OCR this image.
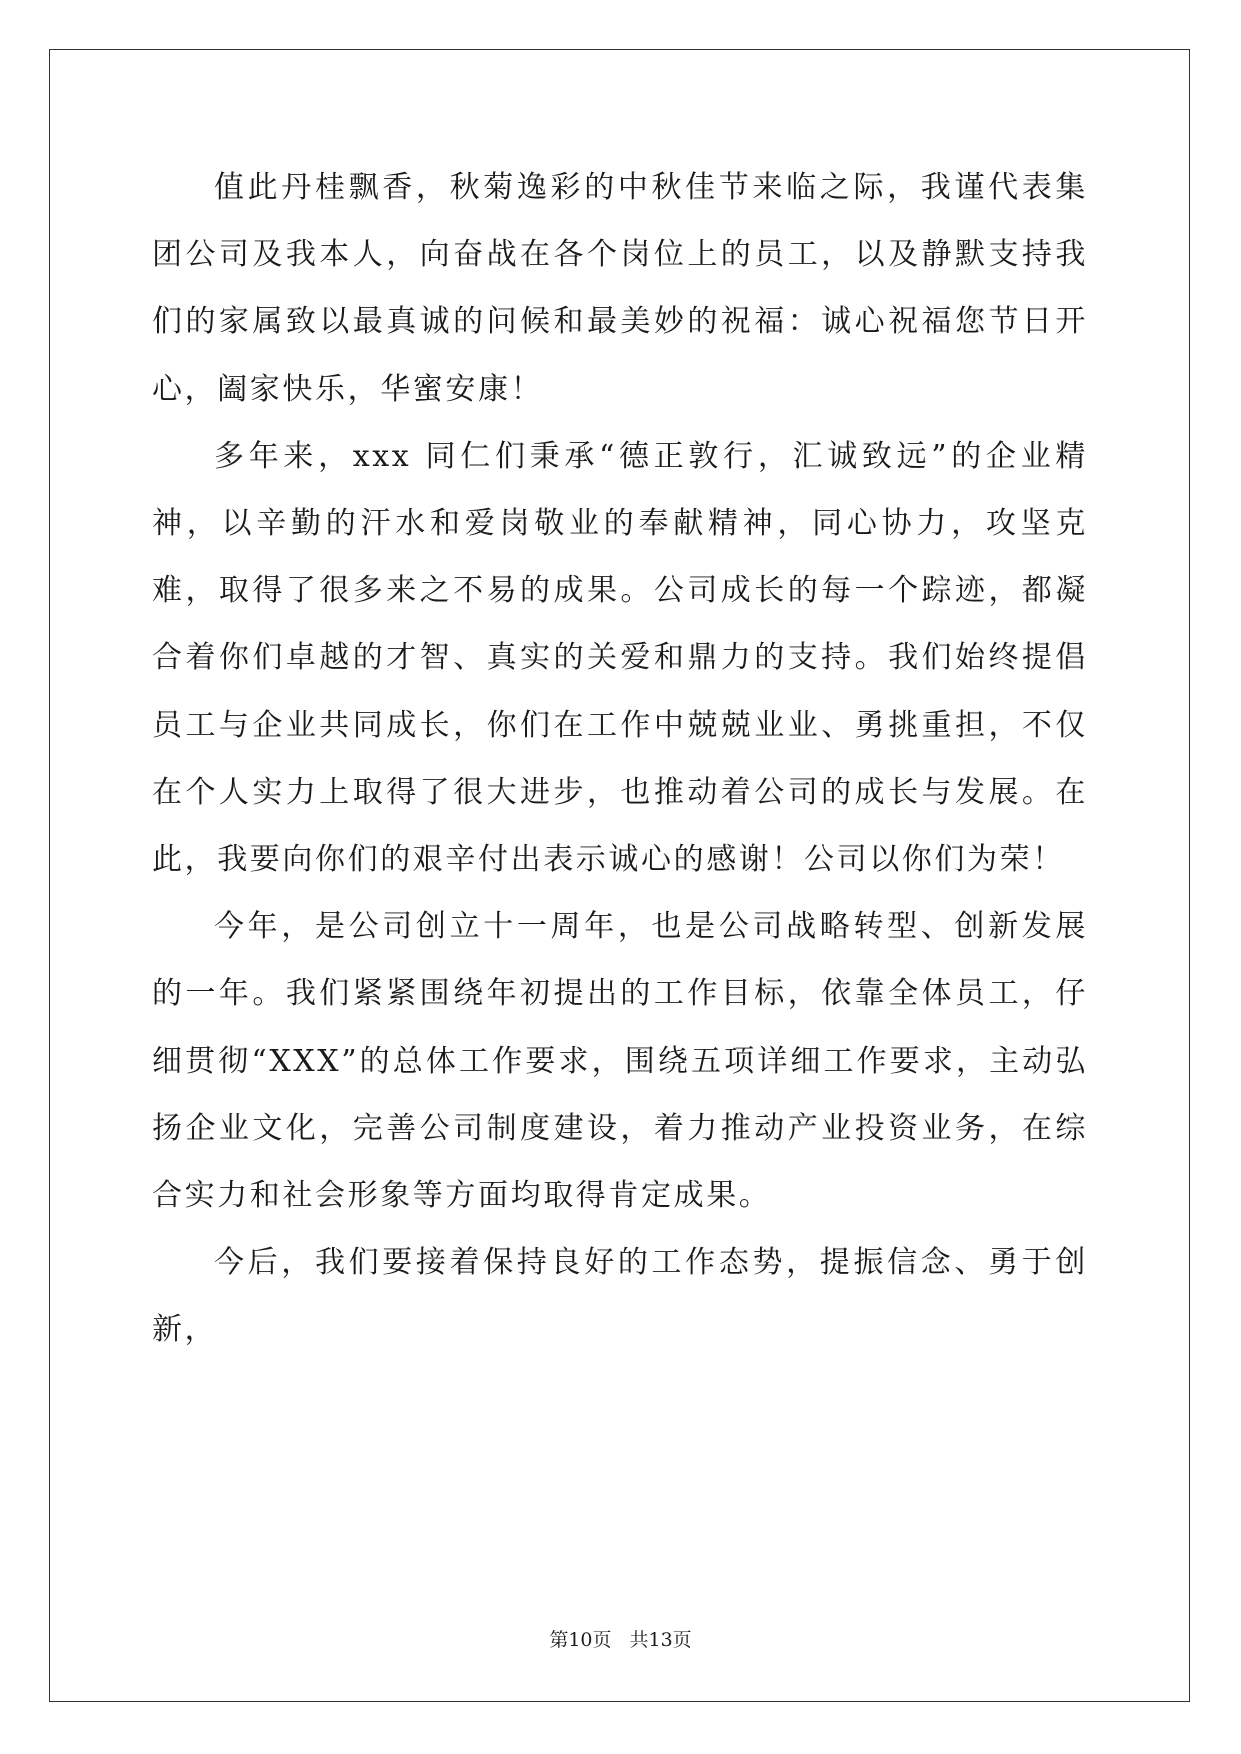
值此丹桂飘香，秋菊逸彩的中秋佳节来临之际，我谨代表集团公司及我本人，向奋战在各个岗位上的员工，以及静默支持我们的家属致以最真诚的问候和最美妙的祝福：诚心祝福您节日开心，阖家快乐，华蜜安康！

多年来，xxx 同仁们秉承“德正敦行，汇诚致远”的企业精神，以辛勤的汗水和爱岗敬业的奉献精神，同心协力，攻坚克难，取得了很多来之不易的成果。公司成长的每一个踪迹，都凝合着你们卓越的才智、真实的关爱和鼎力的支持。我们始终提倡员工与企业共同成长，你们在工作中兢兢业业、勇挑重担，不仅在个人实力上取得了很大进步，也推动着公司的成长与发展。在此，我要向你们的艰辛付出表示诚心的感谢！公司以你们为荣！

今年，是公司创立十一周年，也是公司战略转型、创新发展的一年。我们紧紧围绕年初提出的工作目标，依靠全体员工，仔细贯彻“XXX”的总体工作要求，围绕五项详细工作要求，主动弘扬企业文化，完善公司制度建设，着力推动产业投资业务，在综合实力和社会形象等方面均取得肯定成果。

今后，我们要接着保持良好的工作态势，提振信念、勇于创新，

第10页 共13页
